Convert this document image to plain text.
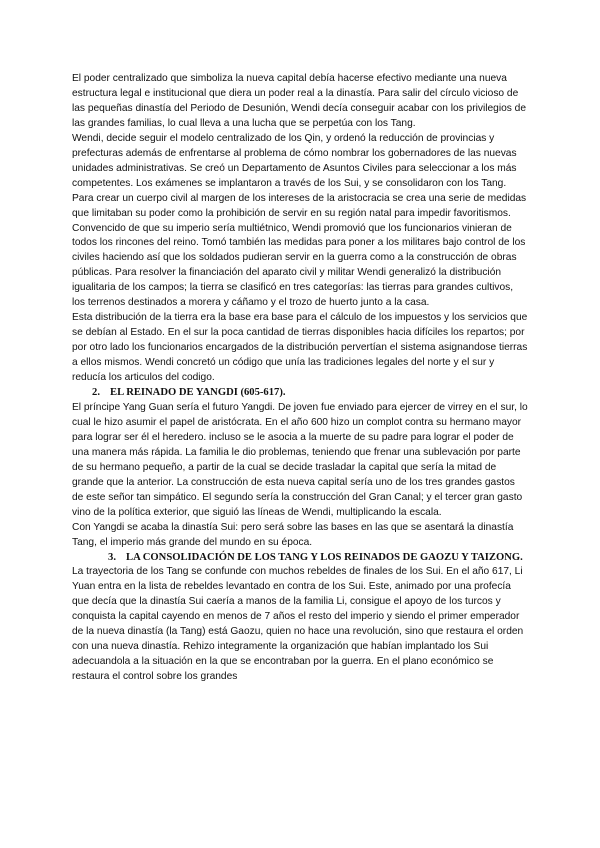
El poder centralizado que simboliza la nueva capital debía hacerse efectivo mediante una nueva estructura legal e institucional que diera un poder real a la dinastía. Para salir del círculo vicioso de las pequeñas dinastía del Periodo de Desunión, Wendi decía conseguir acabar con los privilegios de las grandes familias, lo cual lleva a una lucha que se perpetúa con los Tang.

Wendi, decide seguir el modelo centralizado de los Qin, y ordenó la reducción de provincias y prefecturas además de enfrentarse al problema de cómo nombrar los gobernadores de las nuevas unidades administrativas. Se creó un Departamento de Asuntos Civiles para seleccionar a los más competentes. Los exámenes se implantaron a través de los Sui, y se consolidaron con los Tang.

Para crear un cuerpo civil al margen de los intereses de la aristocracia se crea una serie de medidas que limitaban su poder como la prohibición de servir en su región natal para impedir favoritismos. Convencido de que su imperio sería multiétnico, Wendi promovió que los funcionarios vinieran de todos los rincones del reino. Tomó también las medidas para poner a los militares bajo control de los civiles haciendo así que los soldados pudieran servir en la guerra como a la construcción de obras públicas. Para resolver la financiación del aparato civil y militar Wendi generalizó la distribución igualitaria de los campos; la tierra se clasificó en tres categorías: las tierras para grandes cultivos, los terrenos destinados a morera y cáñamo y el trozo de huerto junto a la casa.

Esta distribución de la tierra era la base era base para el cálculo de los impuestos y los servicios que se debían al Estado. En el sur la poca cantidad de tierras disponibles hacia difíciles los repartos; por por otro lado los funcionarios encargados de la distribución pervertían el sistema asignandose tierras a ellos mismos. Wendi concretó un código que unía las tradiciones legales del norte y el sur y reducía los articulos del codigo.

2. EL REINADO DE YANGDI (605-617).

El príncipe Yang Guan sería el futuro Yangdi. De joven fue enviado para ejercer de virrey en el sur, lo cual le hizo asumir el papel de aristócrata. En el año 600 hizo un complot contra su hermano mayor para lograr ser él el heredero. incluso se le asocia a la muerte de su padre para lograr el poder de una manera más rápida. La familia le dio problemas, teniendo que frenar una sublevación por parte de su hermano pequeño, a partir de la cual se decide trasladar la capital que sería la mitad de grande que la anterior. La construcción de esta nueva capital sería uno de los tres grandes gastos de este señor tan simpático. El segundo sería la construcción del Gran Canal; y el tercer gran gasto vino de la política exterior, que siguió las líneas de Wendi, multiplicando la escala.

Con Yangdi se acaba la dinastía Sui: pero será sobre las bases en las que se asentará la dinastía Tang, el imperio más grande del mundo en su época.

3. LA CONSOLIDACIÓN DE LOS TANG Y LOS REINADOS DE GAOZU Y TAIZONG.

La trayectoria de los Tang se confunde con muchos rebeldes de finales de los Sui. En el año 617, Li Yuan entra en la lista de rebeldes levantado en contra de los Sui. Este, animado por una profecía que decía que la dinastía Sui caería a manos de la familia Li, consigue el apoyo de los turcos y conquista la capital cayendo en menos de 7 años el resto del imperio y siendo el primer emperador de la nueva dinastía (la Tang) está Gaozu, quien no hace una revolución, sino que restaura el orden con una nueva dinastía. Rehizo integramente la organización que habían implantado los Sui adecuandola a la situación en la que se encontraban por la guerra. En el plano económico se restaura el control sobre los grandes
